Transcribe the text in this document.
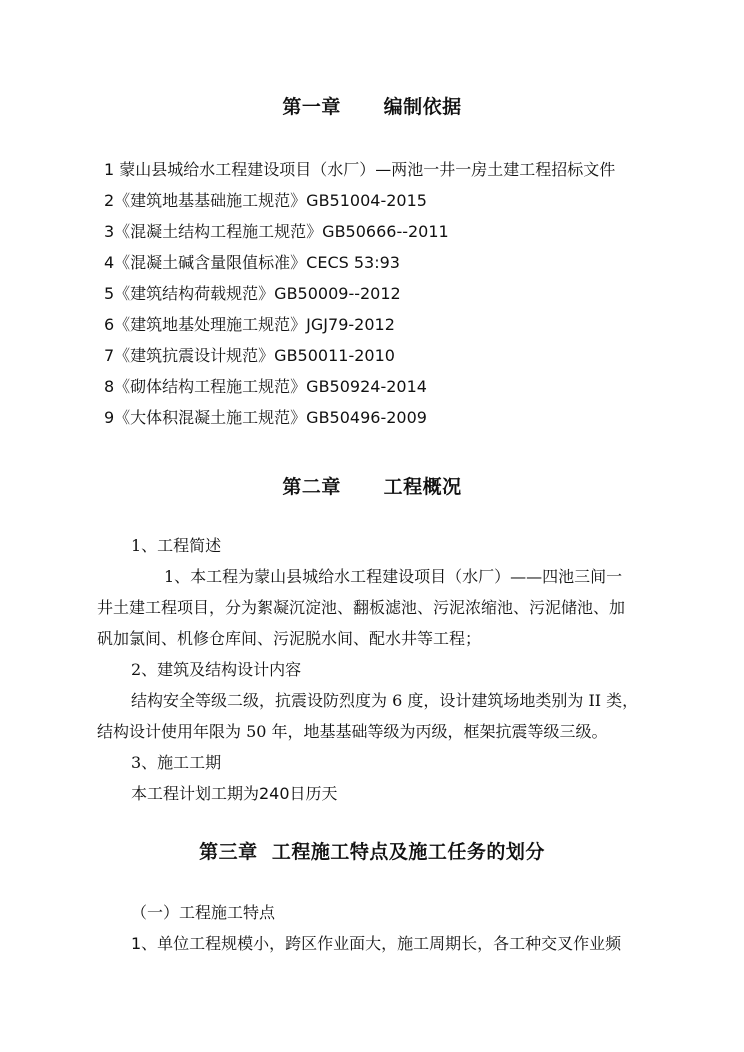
第一章      编制依据
1 蒙山县城给水工程建设项目（水厂）—两池一井一房土建工程招标文件
2《建筑地基基础施工规范》GB51004-2015
3《混凝土结构工程施工规范》GB50666--2011
4《混凝土碱含量限值标准》CECS 53:93
5《建筑结构荷载规范》GB50009--2012
6《建筑地基处理施工规范》JGJ79-2012
7《建筑抗震设计规范》GB50011-2010
8《砌体结构工程施工规范》GB50924-2014
9《大体积混凝土施工规范》GB50496-2009
第二章      工程概况
1、工程简述
1、本工程为蒙山县城给水工程建设项目（水厂）——四池三间一
井土建工程项目，分为絮凝沉淀池、翻板滤池、污泥浓缩池、污泥储池、加
矾加氯间、机修仓库间、污泥脱水间、配水井等工程；
2、建筑及结构设计内容
结构安全等级二级，抗震设防烈度为 6 度，设计建筑场地类别为 II 类，
结构设计使用年限为 50 年，地基基础等级为丙级，框架抗震等级三级。
3、施工工期
本工程计划工期为240日历天
第三章  工程施工特点及施工任务的划分
（一）工程施工特点
1、单位工程规模小，跨区作业面大，施工周期长，各工种交叉作业频
